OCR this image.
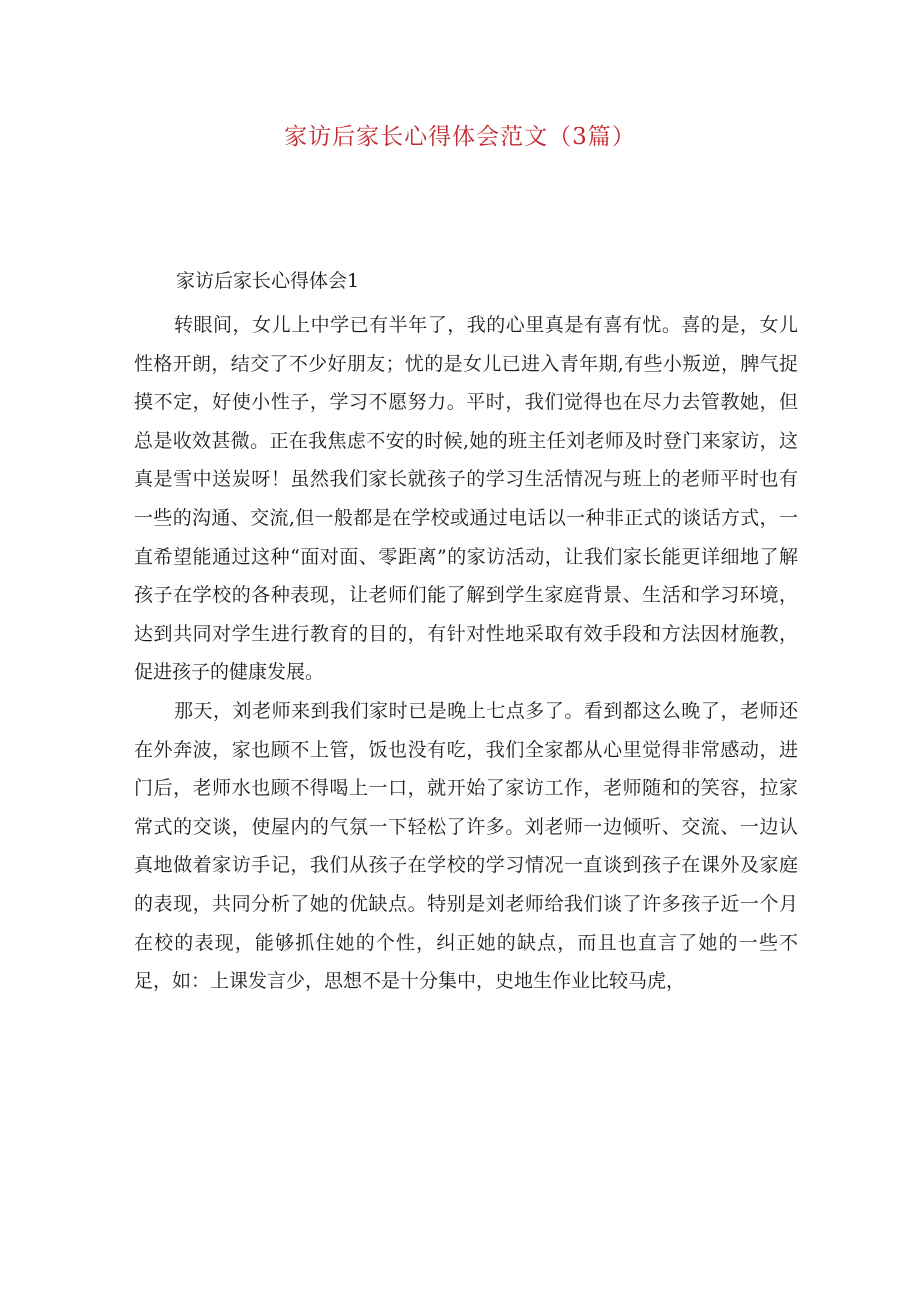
家访后家长心得体会范文（3篇）
家访后家长心得体会1

转眼间，女儿上中学已有半年了，我的心里真是有喜有忧。喜的是，女儿性格开朗，结交了不少好朋友；忧的是女儿已进入青年期,有些小叛逆，脾气捉摸不定，好使小性子，学习不愿努力。平时，我们觉得也在尽力去管教她，但总是收效甚微。正在我焦虑不安的时候,她的班主任刘老师及时登门来家访，这真是雪中送炭呀！虽然我们家长就孩子的学习生活情况与班上的老师平时也有一些的沟通、交流,但一般都是在学校或通过电话以一种非正式的谈话方式，一直希望能通过这种“面对面、零距离”的家访活动，让我们家长能更详细地了解孩子在学校的各种表现，让老师们能了解到学生家庭背景、生活和学习环境，达到共同对学生进行教育的目的，有针对性地采取有效手段和方法因材施教，促进孩子的健康发展。

那天，刘老师来到我们家时已是晚上七点多了。看到都这么晚了，老师还在外奔波，家也顾不上管，饭也没有吃，我们全家都从心里觉得非常感动，进门后，老师水也顾不得喝上一口，就开始了家访工作，老师随和的笑容，拉家常式的交谈，使屋内的气氛一下轻松了许多。刘老师一边倾听、交流、一边认真地做着家访手记，我们从孩子在学校的学习情况一直谈到孩子在课外及家庭的表现，共同分析了她的优缺点。特别是刘老师给我们谈了许多孩子近一个月在校的表现，能够抓住她的个性，纠正她的缺点，而且也直言了她的一些不足，如：上课发言少，思想不是十分集中，史地生作业比较马虎，
